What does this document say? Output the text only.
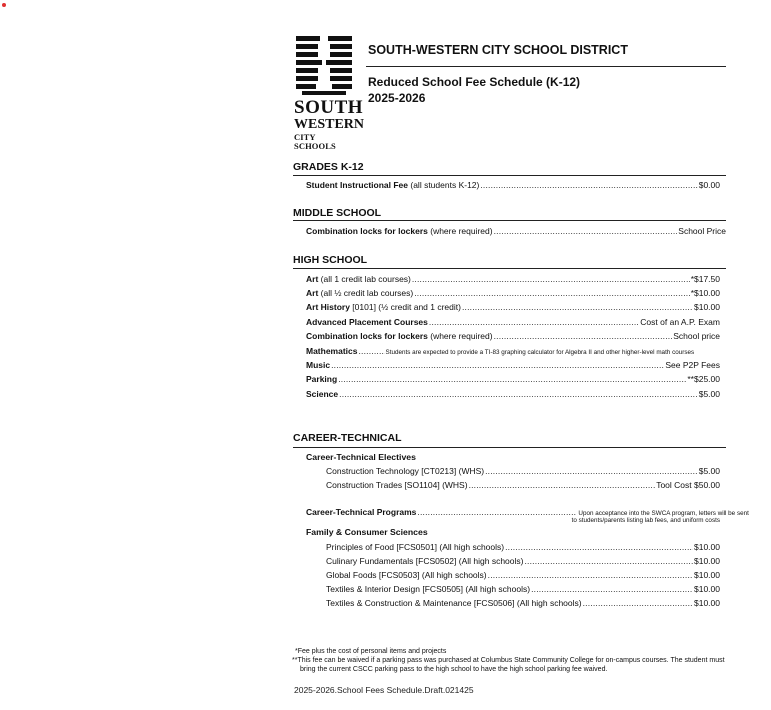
SOUTH
WESTERN
CITY SCHOOLS
SOUTH-WESTERN CITY SCHOOL DISTRICT
Reduced School Fee Schedule (K-12)
2025-2026
GRADES K-12
Student Instructional Fee (all students K-12) .....	$0.00
MIDDLE SCHOOL
Combination locks for lockers (where required) .....	School Price
HIGH SCHOOL
Art (all 1 credit lab courses) .....	*$17.50
Art (all ½ credit lab courses) .....	*$10.00
Art History [0101] (½ credit and 1 credit) .....	$10.00
Advanced Placement Courses .....	Cost of an A.P. Exam
Combination locks for lockers (where required) .....	School price
Mathematics .....	Students are expected to provide a TI-83 graphing calculator for Algebra II and other higher-level math courses
Music .....	See P2P Fees
Parking .....	**$25.00
Science .....	$5.00
CAREER-TECHNICAL
Career-Technical Electives
Construction Technology [CT0213] (WHS) .....	$5.00
Construction Trades [SO1104] (WHS) .....	Tool Cost $50.00
Career-Technical Programs .....	Upon acceptance into the SWCA program, letters will be sent
to students/parents listing lab fees, and uniform costs
Family & Consumer Sciences
Principles of Food [FCS0501] (All high schools) .....	$10.00
Culinary Fundamentals [FCS0502] (All high schools) .....	$10.00
Global Foods [FCS0503] (All high schools) .....	$10.00
Textiles & Interior Design [FCS0505] (All high schools) .....	$10.00
Textiles & Construction & Maintenance [FCS0506] (All high schools) .....	$10.00
*Fee plus the cost of personal items and projects
**This fee can be waived if a parking pass was purchased at Columbus State Community College for on-campus courses. The student must
bring the current CSCC parking pass to the high school to have the high school parking fee waived.
2025-2026.School Fees Schedule.Draft.021425
